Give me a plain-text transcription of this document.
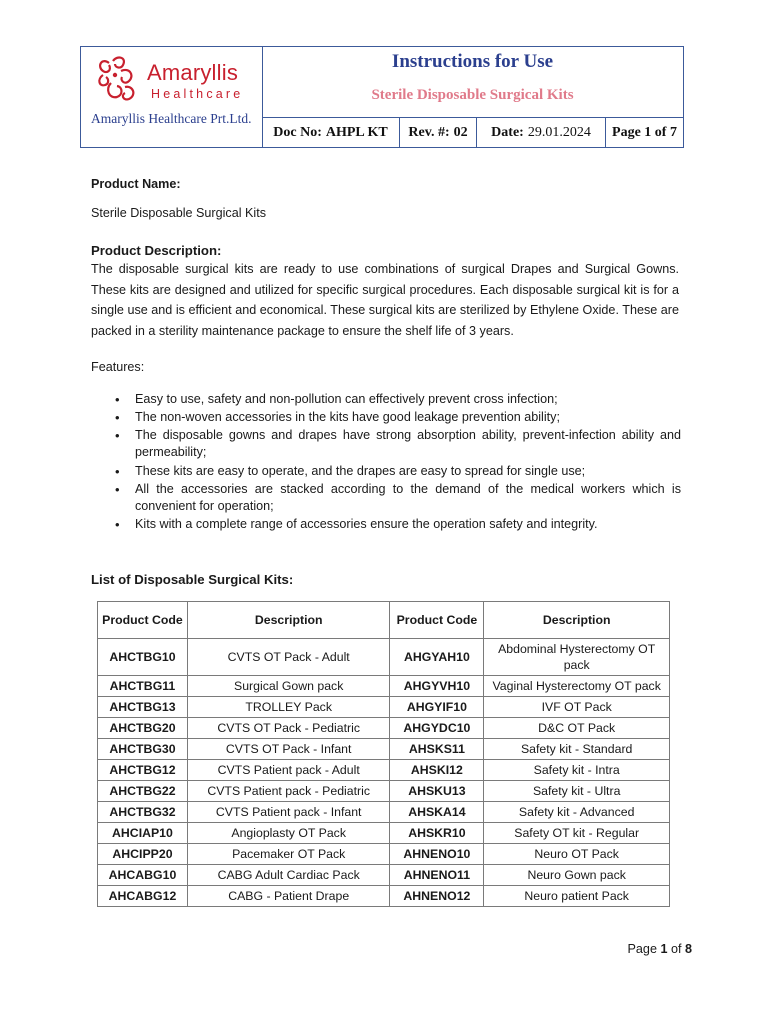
Amaryllis
Healthcare
Amaryllis Healthcare Prt.Ltd.
Instructions for Use
Sterile Disposable Surgical Kits
Doc No: AHPL KT Rev. #: 02 Date: 29.01.2024 Page 1 of 7
Product Name:
Sterile Disposable Surgical Kits
Product Description:
The disposable surgical kits are ready to use combinations of surgical Drapes and Surgical Gowns. These kits are designed and utilized for specific surgical procedures. Each disposable surgical kit is for a single use and is efficient and economical. These surgical kits are sterilized by Ethylene Oxide. These are packed in a sterility maintenance package to ensure the shelf life of 3 years.
Features:
• Easy to use, safety and non-pollution can effectively prevent cross infection;
• The non-woven accessories in the kits have good leakage prevention ability;
• The disposable gowns and drapes have strong absorption ability, prevent-infection ability and permeability;
• These kits are easy to operate, and the drapes are easy to spread for single use;
• All the accessories are stacked according to the demand of the medical workers which is convenient for operation;
• Kits with a complete range of accessories ensure the operation safety and integrity.
List of Disposable Surgical Kits:
Product Code	Description	Product Code	Description
AHCTBG10	CVTS OT Pack - Adult	AHGYAH10	Abdominal Hysterectomy OT pack
AHCTBG11	Surgical Gown pack	AHGYVH10	Vaginal Hysterectomy OT pack
AHCTBG13	TROLLEY Pack	AHGYIF10	IVF OT Pack
AHCTBG20	CVTS OT Pack - Pediatric	AHGYDC10	D&C OT Pack
AHCTBG30	CVTS OT Pack - Infant	AHSKS11	Safety kit - Standard
AHCTBG12	CVTS Patient pack - Adult	AHSKI12	Safety kit - Intra
AHCTBG22	CVTS Patient pack - Pediatric	AHSKU13	Safety kit - Ultra
AHCTBG32	CVTS Patient pack - Infant	AHSKA14	Safety kit - Advanced
AHCIAP10	Angioplasty OT Pack	AHSKR10	Safety OT kit - Regular
AHCIPP20	Pacemaker OT Pack	AHNENO10	Neuro OT Pack
AHCABG10	CABG Adult Cardiac Pack	AHNENO11	Neuro Gown pack
AHCABG12	CABG - Patient Drape	AHNENO12	Neuro patient Pack
Page 1 of 8
